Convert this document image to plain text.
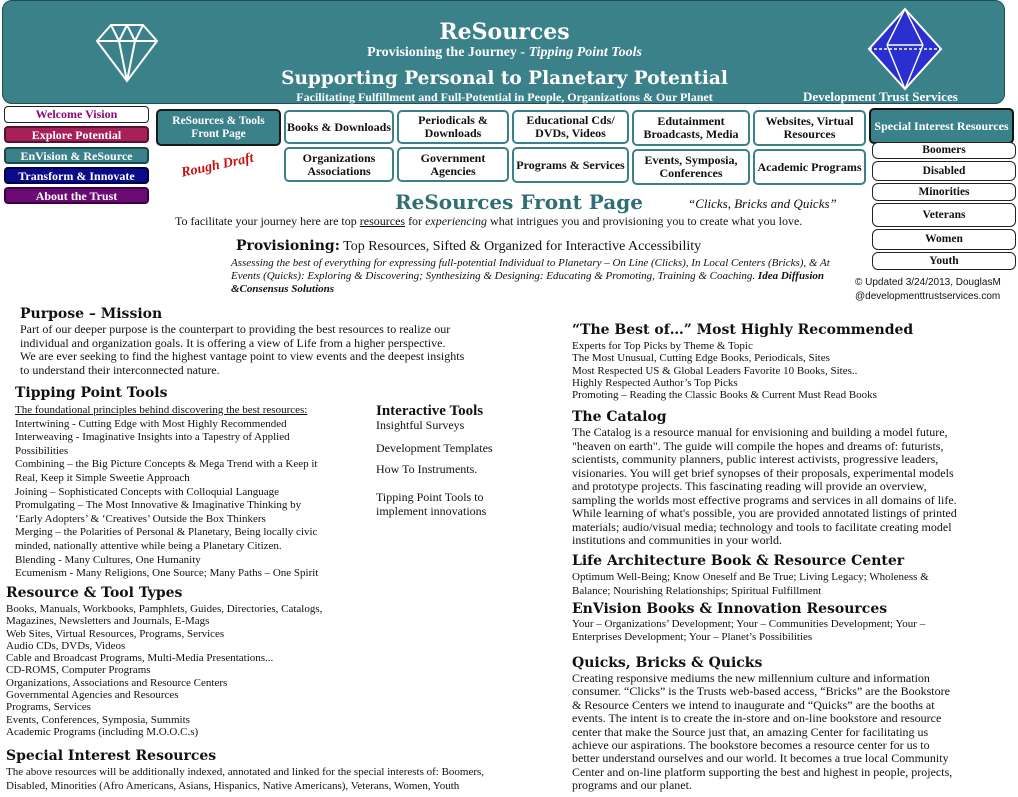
ReSources
Provisioning the Journey - Tipping Point Tools
Supporting Personal to Planetary Potential
Facilitating Fulfillment and Full-Potential in People, Organizations & Our Planet	Development Trust Services
Welcome Vision
Explore Potential
EnVision & ReSource
Transform & Innovate
About the Trust
ReSources & Tools Front Page	Books & Downloads	Periodicals & Downloads
Educational Cds/ DVDs, Videos
Edutainment Broadcasts, Media
Websites, Virtual Resources
Special Interest Resources
Organizations Associations
Government Agencies	Programs & Services	Events, Symposia, Conferences	Academic Programs
Boomers
Disabled
Minorities
Veterans
Women
Youth
Rough Draft
ReSources Front Page	“Clicks, Bricks and Quicks”
To facilitate your journey here are top resources for experiencing what intrigues you and provisioning you to create what you love.
Provisioning: Top Resources, Sifted & Organized for Interactive Accessibility
Assessing the best of everything for expressing full-potential Individual to Planetary – On Line (Clicks), In Local Centers (Bricks), & At Events (Quicks): Exploring & Discovering; Synthesizing & Designing: Educating & Promoting, Training & Coaching. Idea Diffusion &Consensus Solutions
© Updated 3/24/2013, DouglasM
@developmenttrustservices.com
Purpose – Mission
Part of our deeper purpose is the counterpart to providing the best resources to realize our
individual and organization goals. It is offering a view of Life from a higher perspective.
We are ever seeking to find the highest vantage point to view events and the deepest insights
to understand their interconnected nature.
Tipping Point Tools
The foundational principles behind discovering the best resources:
Intertwining - Cutting Edge with Most Highly Recommended
Interweaving - Imaginative Insights into a Tapestry of Applied
Possibilities
Combining – the Big Picture Concepts & Mega Trend with a Keep it
Real, Keep it Simple Sweetie Approach
Joining – Sophisticated Concepts with Colloquial Language
Promulgating – The Most Innovative & Imaginative Thinking by
‘Early Adopters’ & ‘Creatives’ Outside the Box Thinkers
Merging – the Polarities of Personal & Planetary, Being locally civic
minded, nationally attentive while being a Planetary Citizen.
Blending - Many Cultures, One Humanity
Ecumenism - Many Religions, One Source; Many Paths – One Spirit
Interactive Tools
Insightful Surveys
Development Templates
How To Instruments.
Tipping Point Tools to
implement innovations
Resource & Tool Types
Books, Manuals, Workbooks, Pamphlets, Guides, Directories, Catalogs,
Magazines, Newsletters and Journals, E-Mags
Web Sites, Virtual Resources, Programs, Services
Audio CDs, DVDs, Videos
Cable and Broadcast Programs, Multi-Media Presentations...
CD-ROMS, Computer Programs
Organizations, Associations and Resource Centers
Governmental Agencies and Resources
Programs, Services
Events, Conferences, Symposia, Summits
Academic Programs (including M.O.O.C.s)
Special Interest Resources
The above resources will be additionally indexed, annotated and linked for the special interests of: Boomers,
Disabled, Minorities (Afro Americans, Asians, Hispanics, Native Americans), Veterans, Women, Youth
“The Best of…” Most Highly Recommended
Experts for Top Picks by Theme & Topic
The Most Unusual, Cutting Edge Books, Periodicals, Sites
Most Respected US & Global Leaders Favorite 10 Books, Sites..
Highly Respected Author’s Top Picks
Promoting – Reading the Classic Books & Current Must Read Books
The Catalog
The Catalog is a resource manual for envisioning and building a model future,
"heaven on earth". The guide will compile the hopes and dreams of: futurists,
scientists, community planners, public interest activists, progressive leaders,
visionaries. You will get brief synopses of their proposals, experimental models
and prototype projects. This fascinating reading will provide an overview,
sampling the worlds most effective programs and services in all domains of life.
While learning of what's possible, you are provided annotated listings of printed
materials; audio/visual media; technology and tools to facilitate creating model
institutions and communities in your world.
Life Architecture Book & Resource Center
Optimum Well-Being; Know Oneself and Be True; Living Legacy; Wholeness &
Balance; Nourishing Relationships; Spiritual Fulfillment
EnVision Books & Innovation Resources
Your – Organizations’ Development; Your – Communities Development; Your –
Enterprises Development; Your – Planet’s Possibilities
Quicks, Bricks & Quicks
Creating responsive mediums the new millennium culture and information
consumer. “Clicks” is the Trusts web-based access, “Bricks” are the Bookstore
& Resource Centers we intend to inaugurate and “Quicks” are the booths at
events. The intent is to create the in-store and on-line bookstore and resource
center that make the Source just that, an amazing Center for facilitating us
achieve our aspirations. The bookstore becomes a resource center for us to
better understand ourselves and our world. It becomes a true local Community
Center and on-line platform supporting the best and highest in people, projects,
programs and our planet.
